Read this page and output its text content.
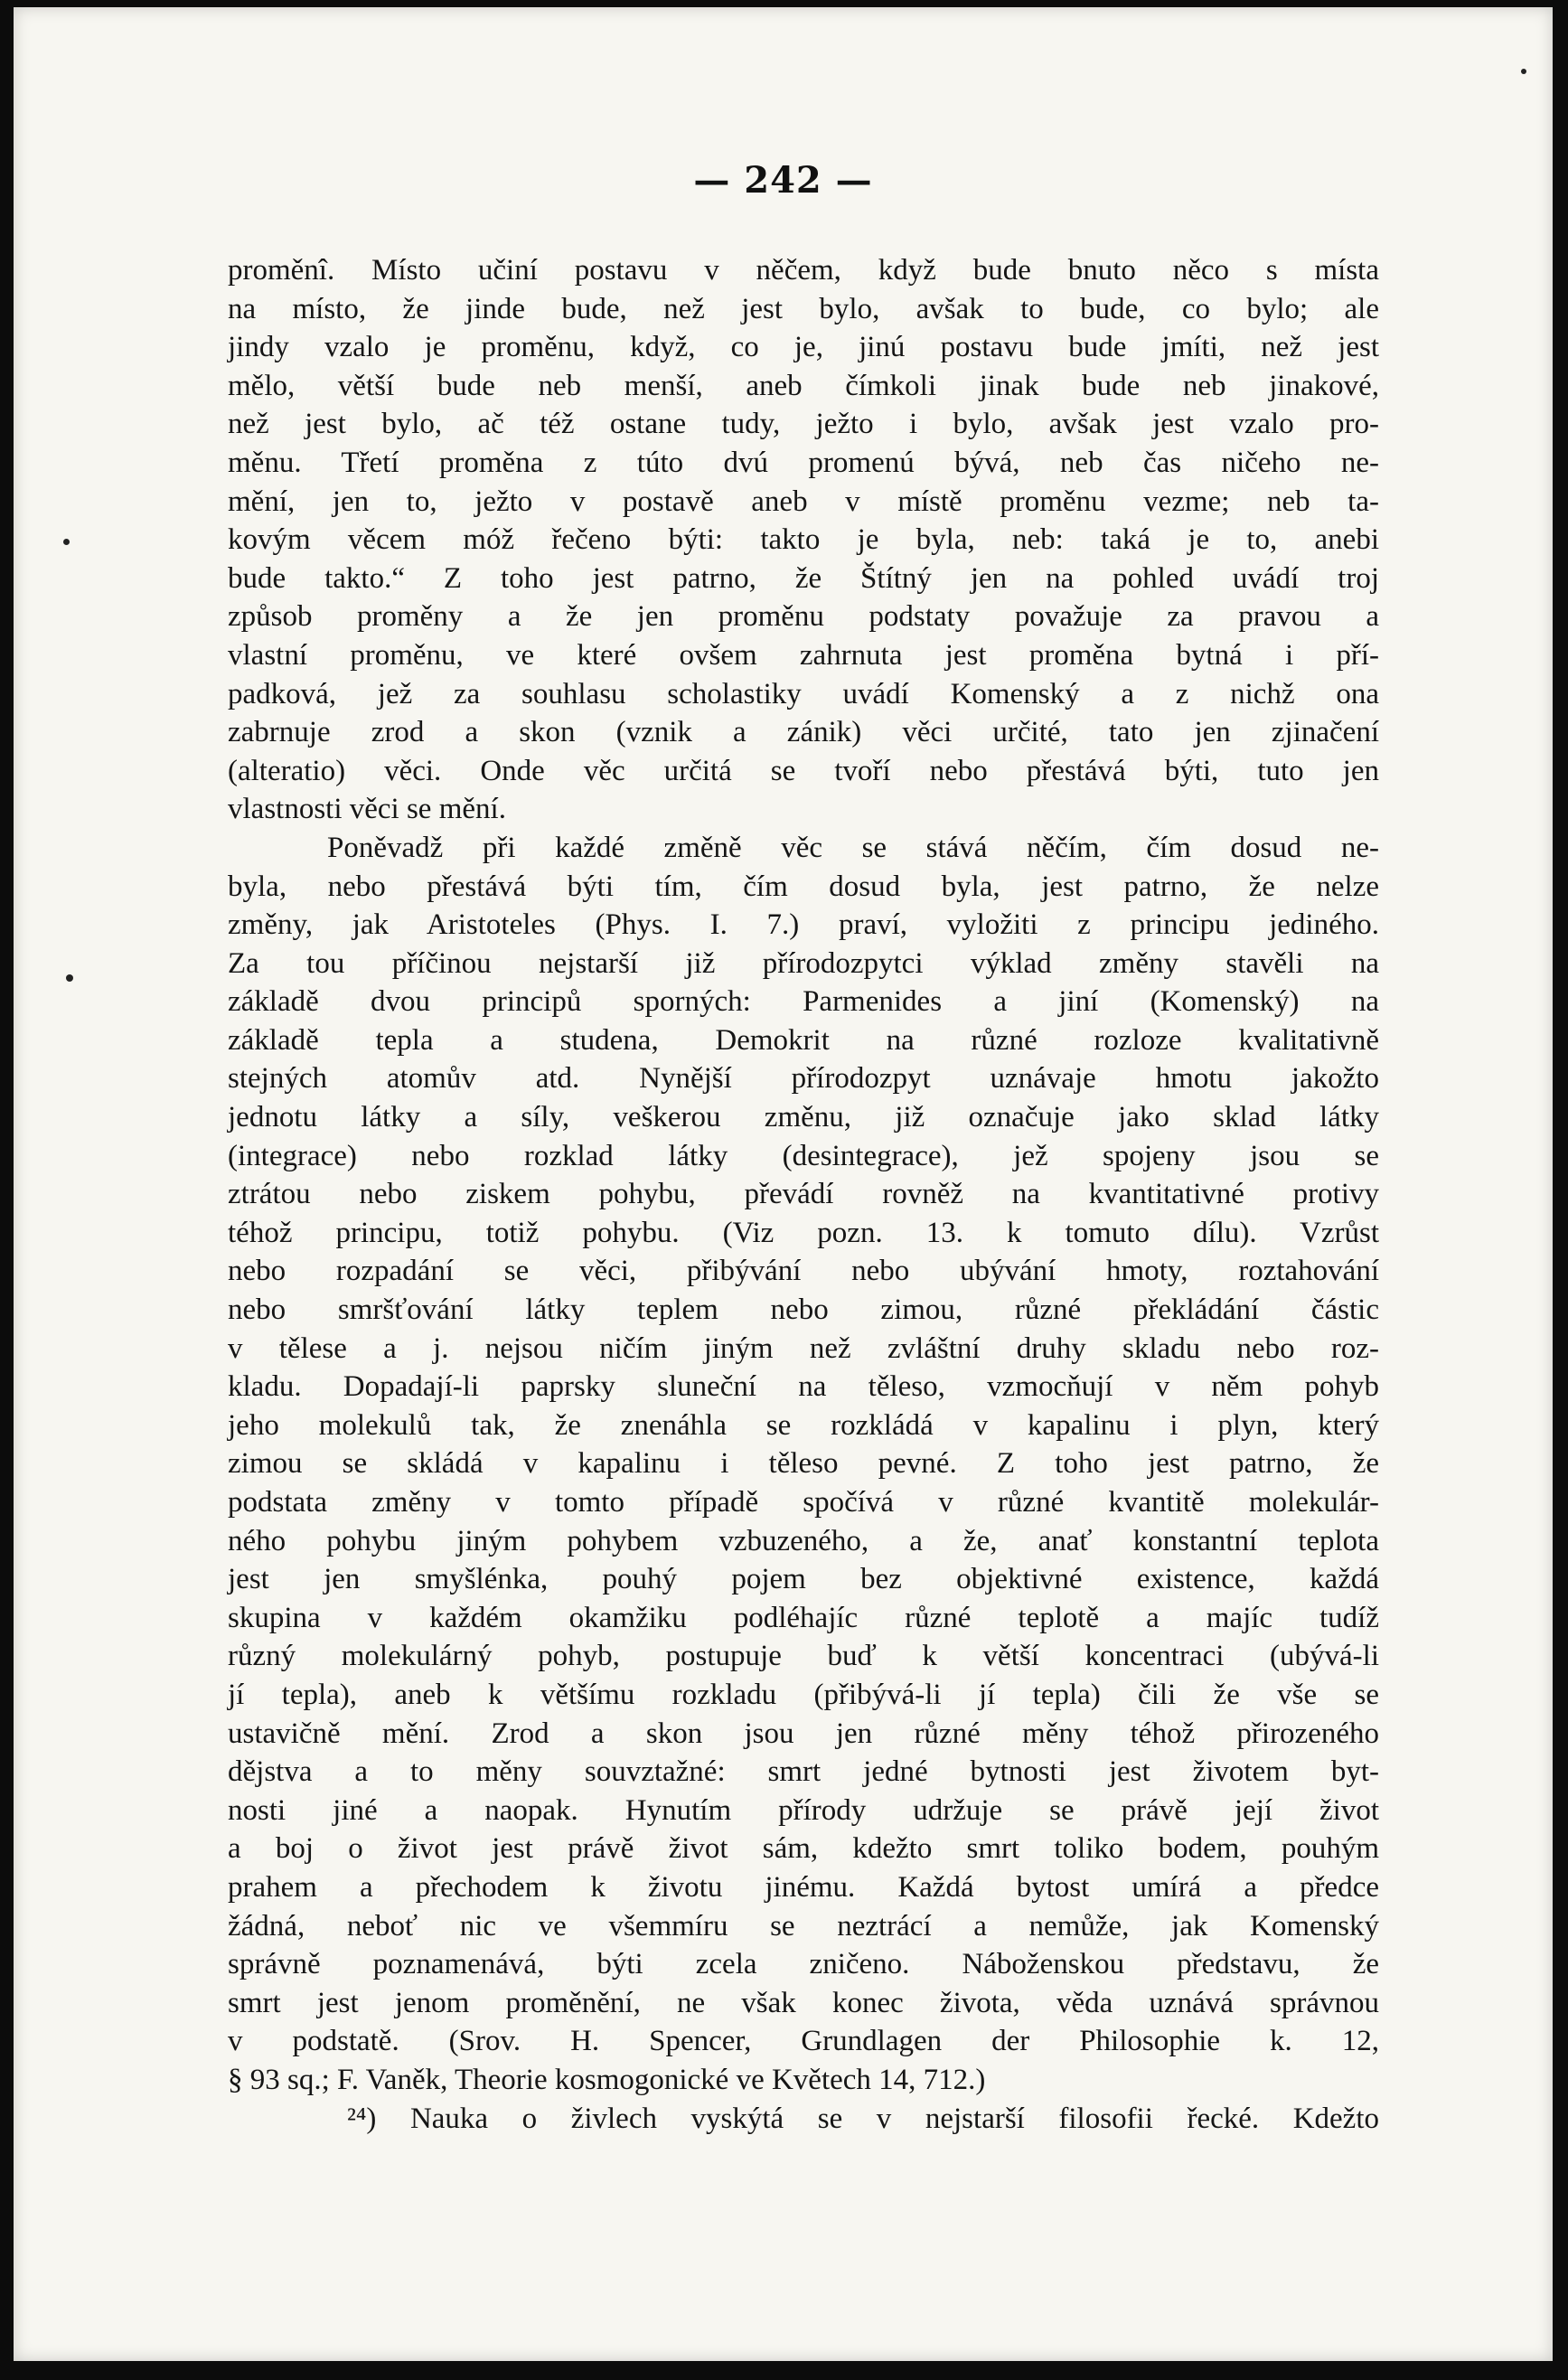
— 242 —
proměnî. Místo učiní postavu v něčem, když bude bnuto něco s místa
na místo, že jinde bude, než jest bylo, avšak to bude, co bylo; ale
jindy vzalo je proměnu, když, co je, jinú postavu bude jmíti, než jest
mělo, větší bude neb menší, aneb čímkoli jinak bude neb jinakové,
než jest bylo, ač též ostane tudy, ježto i bylo, avšak jest vzalo pro-
měnu. Třetí proměna z túto dvú promenú bývá, neb čas ničeho ne-
mění, jen to, ježto v postavě aneb v místě proměnu vezme; neb ta-
kovým věcem móž řečeno býti: takto je byla, neb: taká je to, anebi
bude takto.“ Z toho jest patrno, že Štítný jen na pohled uvádí troj
způsob proměny a že jen proměnu podstaty považuje za pravou a
vlastní proměnu, ve které ovšem zahrnuta jest proměna bytná i pří-
padková, jež za souhlasu scholastiky uvádí Komenský a z nichž ona
zabrnuje zrod a skon (vznik a zánik) věci určité, tato jen zjinačení
(alteratio) věci. Onde věc určitá se tvoří nebo přestává býti, tuto jen
vlastnosti věci se mění.
Poněvadž při každé změně věc se stává něčím, čím dosud ne-
byla, nebo přestává býti tím, čím dosud byla, jest patrno, že nelze
změny, jak Aristoteles (Phys. I. 7.) praví, vyložiti z principu jediného.
Za tou příčinou nejstarší již přírodozpytci výklad změny stavěli na
základě dvou principů sporných: Parmenides a jiní (Komenský) na
základě tepla a studena, Demokrit na různé rozloze kvalitativně
stejných atomův atd. Nynější přírodozpyt uznávaje hmotu jakožto
jednotu látky a síly, veškerou změnu, již označuje jako sklad látky
(integrace) nebo rozklad látky (desintegrace), jež spojeny jsou se
ztrátou nebo ziskem pohybu, převádí rovněž na kvantitativné protivy
téhož principu, totiž pohybu. (Viz pozn. 13. k tomuto dílu). Vzrůst
nebo rozpadání se věci, přibývání nebo ubývání hmoty, roztahování
nebo smršťování látky teplem nebo zimou, různé překládání částic
v tělese a j. nejsou ničím jiným než zvláštní druhy skladu nebo roz-
kladu. Dopadají-li paprsky sluneční na těleso, vzmocňují v něm pohyb
jeho molekulů tak, že znenáhla se rozkládá v kapalinu i plyn, který
zimou se skládá v kapalinu i těleso pevné. Z toho jest patrno, že
podstata změny v tomto případě spočívá v různé kvantitě molekulár-
ného pohybu jiným pohybem vzbuzeného, a že, anať konstantní teplota
jest jen smyšlénka, pouhý pojem bez objektivné existence, každá
skupina v každém okamžiku podléhajíc různé teplotě a majíc tudíž
různý molekulárný pohyb, postupuje buď k větší koncentraci (ubývá-li
jí tepla), aneb k většímu rozkladu (přibývá-li jí tepla) čili že vše se
ustavičně mění. Zrod a skon jsou jen různé měny téhož přirozeného
dějstva a to měny souvztažné: smrt jedné bytnosti jest životem byt-
nosti jiné a naopak. Hynutím přírody udržuje se právě její život
a boj o život jest právě život sám, kdežto smrt toliko bodem, pouhým
prahem a přechodem k životu jinému. Každá bytost umírá a předce
žádná, neboť nic ve všemmíru se neztrácí a nemůže, jak Komenský
správně poznamenává, býti zcela zničeno. Náboženskou představu, že
smrt jest jenom proměnění, ne však konec života, věda uznává správnou
v podstatě. (Srov. H. Spencer, Grundlagen der Philosophie k. 12,
§ 93 sq.; F. Vaněk, Theorie kosmogonické ve Květech 14, 712.)
²⁴) Nauka o živlech vyskýtá se v nejstarší filosofii řecké. Kdežto
